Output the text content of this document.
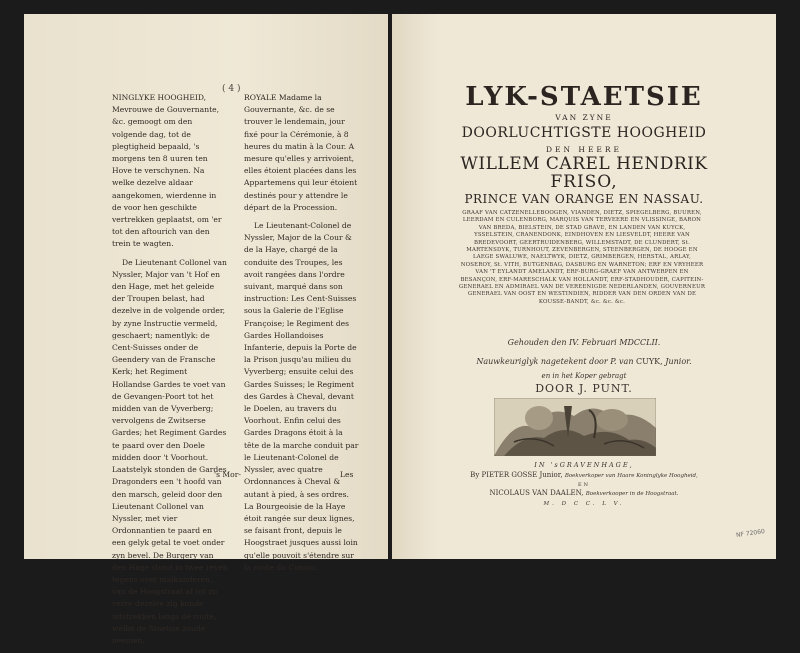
( 4 )

NINGLYKE HOOGHEID, Mevrouwe de Gouvernante, &c. gemoogt om den volgende dag, tot de plegtigheid bepaald, 's morgens ten 8 uuren ten Hove te verschynen. Na welke dezelve aldaar aangekomen, wierdenne in de voor hen geschikte vertrekken geplaatst, om 'er tot den aftourich van den trein te wagten.

De Lieutenant Collonel van Nyssler, Major van 't Hof en den Hage, met het geleide der Troupen belast, had dezelve in de volgende order, by zyne Instructie vermeld, geschaert; namentlyk: de Cent-Suisses onder de Geendery van de Fransche Kerk; het Regiment Hollandse Gardes te voet van de Gevangen-Poort tot het midden van de Vyverberg; vervolgens de Zwitserse Gardes; het Regiment Gardes te paard over den Doele midden door 't Voorhout. Laatstelyk stonden de Gardes Dragonders een 't hoofd van den marsch, geleid door den Lieutenant Collonel van Nyssler, met vier Ordonnantien te paard en een gelyk getal te voet onder zyn bevel. De Burgery van den Hage stond in twee reyen tegens over malkanderen, van de Hoogstraat af tot zo verre dezelve zig konde uitstrekken langs de route, welke de Staetsie zoude neemen.

ROYALE Madame la Gouvernante, &c. de se trouver le lendemain, jour fixé pour la Cérémonie, à 8 heures du matin à la Cour. A mesure qu'elles y arrivoient, elles étoient placées dans les Appartemens qui leur étoient destinés pour y attendre le départ de la Procession.

Le Lieutenant-Colonel de Nyssler, Major de la Cour & de la Haye, chargé de la conduite des Troupes, les avoit rangées dans l'ordre suivant, marqué dans son instruction: Les Cent-Suisses sous la Galerie de l'Eglise Françoise; le Regiment des Gardes Hollandoises Infanterie, depuis la Porte de la Prison jusqu'au milieu du Vyverberg; ensuite celui des Gardes Suisses; le Regiment des Gardes à Cheval, devant le Doelen, au travers du Voorhout. Enfin celui des Gardes Dragons étoit à la tête de la marche conduit par le Lieutenant-Colonel de Nyssler, avec quatre Ordonnances à Cheval & autant à pied, à ses ordres. La Bourgeoisie de la Haye étoit rangée sur deux lignes, se faisant front, depuis le Hoogstraet jusques aussi loin qu'elle pouvoit s'étendre sur la route du Convoi.

's Mor-	Les
LYK-STAETSIE
VAN ZYNE
DOORLUCHTIGSTE HOOGHEID
DEN HEERE
WILLEM CAREL HENDRIK
FRISO,
PRINCE VAN ORANGE EN NASSAU.
GRAAF VAN CATZENELLEBOOGEN, VIANDEN, DIETZ, SPIEGELBERG, BUUREN, LEERDAM EN CULENBORG, MARQUIS VAN TERVEERE EN VLISSINGE, BARON VAN BREDA, BIELSTEIN, DE STAD GRAVE, EN LANDEN VAN KUYCK, YSSELSTEIN, CRANENDONK, EINDHOVEN EN LIESVELDT, HEERE VAN BREDEVOORT, GEERTRUIDENBERG, WILLEMSTADT, DE CLUNDERT, St. MARTENSDYK, TURNHOUT, ZEVENBERGEN, STEENBERGEN, DE HOOGE EN LAEGE SWALUWE, NAELTWYK, DIETZ, GRIMBERGEN, HERSTAL, ARLAY, NOSEROY, St. VITH, BUTGENBAG, DASBURG EN WARNETON; ERF EN VRYHEER VAN 'T EYLANDT AMELANDT, ERF-BURG-GRAEF VAN ANTWERPEN EN BESANÇON, ERF-MARESCHALK VAN HOLLANDT, ERF-STADHOUDER, CAPITEIN-GENERAEL EN ADMIRAEL VAN DE VEREENIGDE NEDERLANDEN, GOUVERNEUR GENERAEL VAN OOST EN WESTINDIEN, RIDDER VAN DEN ORDEN VAN DE KOUSSE-BANDT, &c. &c. &c.
Gehouden den IV. Februari MDCCLII.
Nauwkeuriglyk nagetekent door P. van CUYK, Junior.
en in het Koper gebragt
DOOR J. PUNT.
IN 'sGRAVENHAGE,
By PIETER GOSSE Junior, Boekverkoper van Haare Koninglyke Hoogheid,
EN
NICOLAUS VAN DAALEN, Boekverkooper in de Hoogstraat.
M. D C C. L V.
NF 72060
